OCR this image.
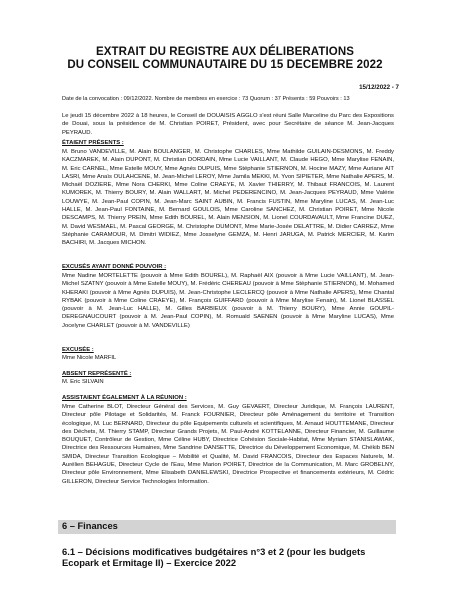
EXTRAIT DU REGISTRE AUX DÉLIBERATIONS
DU CONSEIL COMMUNAUTAIRE DU 15 DECEMBRE 2022
15/12/2022 - 7
Date de la convocation : 09/12/2022. Nombre de membres en exercice : 73 Quorum : 37 Présents : 59 Pouvoirs : 13

Le jeudi 15 décembre 2022 à 18 heures, le Conseil de DOUAISIS AGGLO s'est réuni Salle Marceline du Parc des Expositions de Douai, sous la présidence de M. Christian POIRET, Président, avec pour Secrétaire de séance M. Jean-Jacques PEYRAUD.

ÉTAIENT PRÉSENTS :

M. Bruno VANDEVILLE, M. Alain BOULANGER, M. Christophe CHARLES, Mme Mathilde GUILAIN-DESMONS, M. Freddy KACZMAREK, M. Alain DUPONT, M. Christian DORDAIN, Mme Lucie VAILLANT, M. Claude HEGO, Mme Marylise FENAIN, M. Eric CARNEL, Mme Estelle MOUY, Mme Agnès DUPUIS, Mme Stéphanie STIERNON, M. Hocine MAZY, Mme Auriane AIT LASRI, Mme Anaïs OULAHCENE, M. Jean-Michel LEROY, Mme Jamila MEKKI, M. Yvon SIPIETER, Mme Nathalie APERS, M. Michaël DOZIERE, Mme Nora CHERKI, Mme Coline CRAEYE, M. Xavier THIERRY, M. Thibaut FRANCOIS, M. Laurent KUMOREK, M. Thierry BOURY, M. Alain WALLART, M. Michel PEDERENCINO, M. Jean-Jacques PEYRAUD, Mme Valérie LOUWYE, M. Jean-Paul COPIN, M. Jean-Marc SAINT AUBIN, M. Francis FUSTIN, Mme Maryline LUCAS, M. Jean-Luc HALLE, M. Jean-Paul FONTAINE, M. Bernard GOULOIS, Mme Caroline SANCHEZ, M. Christian POIRET, Mme Nicole DESCAMPS, M. Thierry PREIN, Mme Edith BOUREL, M. Alain MENSION, M. Lionel COURDAVAULT, Mme Francine DUEZ, M. David WESMAEL, M. Pascal GEORGE, M. Christophe DUMONT, Mme Marie-Josée DELATTRE, M. Didier CARREZ, Mme Stéphanie CARAMOUR, M. Dimitri WIDIEZ, Mme Josselyne GEMZA, M. Henri JARUGA, M. Patrick MERCIER, M. Karim BACHIRI, M. Jacques MICHON.

EXCUSÉS AYANT DONNÉ POUVOIR :

Mme Nadine MORTELETTE (pouvoir à Mme Edith BOUREL), M. Raphaël AIX (pouvoir à Mme Lucie VAILLANT), M. Jean-Michel SZATNY (pouvoir à Mme Estelle MOUY), M. Frédéric CHEREAU (pouvoir à Mme Stéphanie STIERNON), M. Mohamed KHERAKI (pouvoir à Mme Agnès DUPUIS), M. Jean-Christophe LECLERCQ (pouvoir à Mme Nathalie APERS), Mme Chantal RYBAK (pouvoir à Mme Coline CRAEYE), M. François GUIFFARD (pouvoir à Mme Marylise Fenain), M. Lionel BLASSEL (pouvoir à M. Jean-Luc HALLE), M. Gilles BARBIEUX (pouvoir à M. Thierry BOURY), Mme Annie GOUPIL-DEREGNAUCOURT (pouvoir à M. Jean-Paul COPIN), M. Romuald SAENEN (pouvoir à Mme Maryline LUCAS), Mme Jocelyne CHARLET (pouvoir à M. VANDEVILLE)

EXCUSÉE :
Mme Nicole MARFIL
ABSENT REPRÉSENTÉ :
M. Eric SILVAIN
ASSISTAIENT ÉGALEMENT À LA RÉUNION :

Mme Catherine BLOT, Directeur Général des Services, M. Guy GEVAERT, Directeur Juridique, M. François LAURENT, Directeur pôle Pilotage et Solidarités, M. Franck FOURNIER, Directeur pôle Aménagement du territoire et Transition écologique, M. Luc BERNARD, Directeur du pôle Equipements culturels et scientifiques, M. Arnaud HOUTTEMANE, Directeur des Déchets, M. Thierry STAMP, Directeur Grands Projets, M. Paul-André KOTTELANNE, Directeur Financier, M. Guillaume BOUQUET, Contrôleur de Gestion, Mme Céline HUBY, Directrice Cohésion Sociale-Habitat, Mme Myriam STANISLAWIAK, Directrice des Ressources Humaines, Mme Sandrine DANSETTE, Directrice du Développement Economique, M. Chékib BEN SMIDA, Directeur Transition Ecologique – Mobilité et Qualité, M. David FRANCOIS, Directeur des Espaces Naturels, M. Aurélien BEHAGUE, Directeur Cycle de l'Eau, Mme Marion POIRET, Directrice de la Communication, M. Marc GROBELNY, Directeur pôle Environnement, Mme Elisabeth DANIELEWSKI, Directrice Prospective et financements extérieurs, M. Cédric GILLERON, Directeur Service Technologies Information.

6 – Finances
6.1 – Décisions modificatives budgétaires n°3 et 2 (pour les budgets Ecopark et Ermitage II) – Exercice 2022
